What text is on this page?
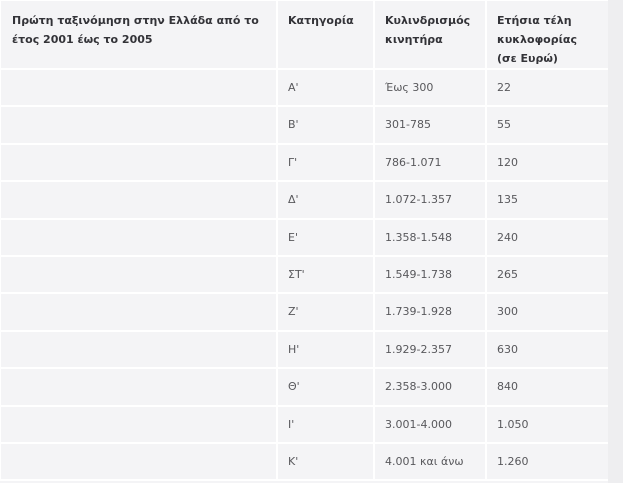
Πρώτη ταξινόμηση στην Ελλάδα από το έτος 2001 έως το 2005	Κατηγορία	Κυλινδρισμός κινητήρα	Ετήσια τέλη κυκλοφορίας (σε Ευρώ)
	Α'	Έως 300	22
	Β'	301-785	55
	Γ'	786-1.071	120
	Δ'	1.072-1.357	135
	Ε'	1.358-1.548	240
	ΣΤ'	1.549-1.738	265
	Ζ'	1.739-1.928	300
	Η'	1.929-2.357	630
	Θ'	2.358-3.000	840
	Ι'	3.001-4.000	1.050
	Κ'	4.001 και άνω	1.260
